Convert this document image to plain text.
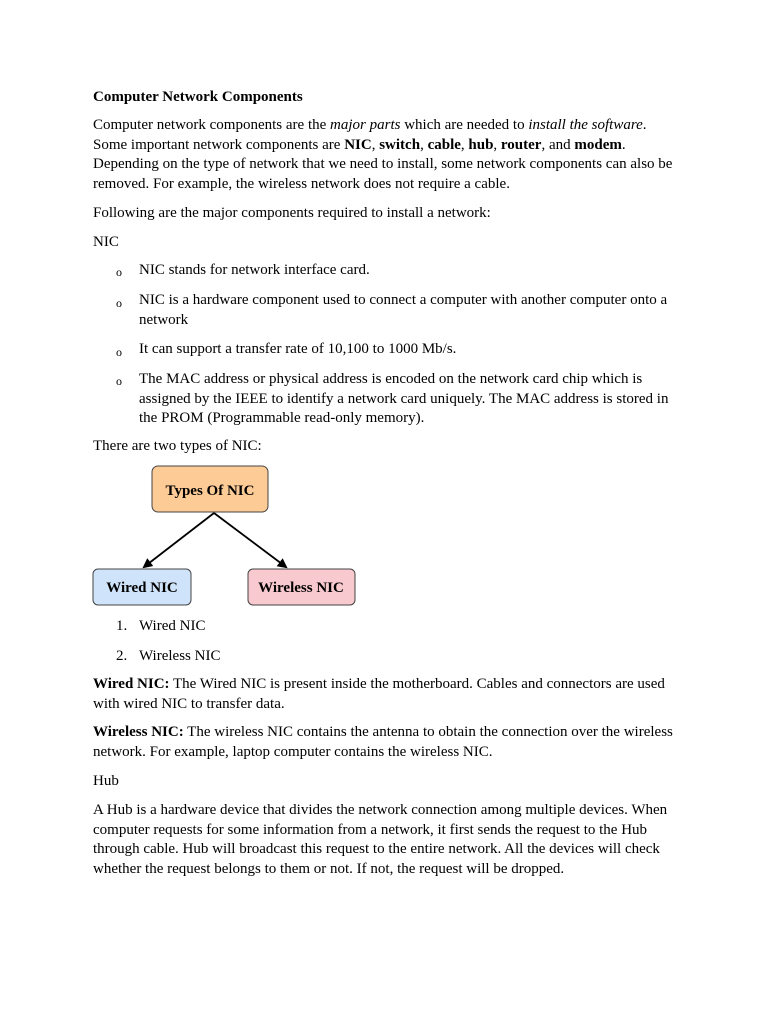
Computer Network Components

Computer network components are the major parts which are needed to install the software. Some important network components are NIC, switch, cable, hub, router, and modem. Depending on the type of network that we need to install, some network components can also be removed. For example, the wireless network does not require a cable.

Following are the major components required to install a network:

NIC

o NIC stands for network interface card.

o NIC is a hardware component used to connect a computer with another computer onto a network

o It can support a transfer rate of 10,100 to 1000 Mb/s.

o The MAC address or physical address is encoded on the network card chip which is assigned by the IEEE to identify a network card uniquely. The MAC address is stored in the PROM (Programmable read-only memory).

There are two types of NIC:

Types Of NIC
Wired NIC	Wireless NIC
1. Wired NIC
2. Wireless NIC

Wired NIC: The Wired NIC is present inside the motherboard. Cables and connectors are used with wired NIC to transfer data.

Wireless NIC: The wireless NIC contains the antenna to obtain the connection over the wireless network. For example, laptop computer contains the wireless NIC.

Hub

A Hub is a hardware device that divides the network connection among multiple devices. When computer requests for some information from a network, it first sends the request to the Hub through cable. Hub will broadcast this request to the entire network. All the devices will check whether the request belongs to them or not. If not, the request will be dropped.
